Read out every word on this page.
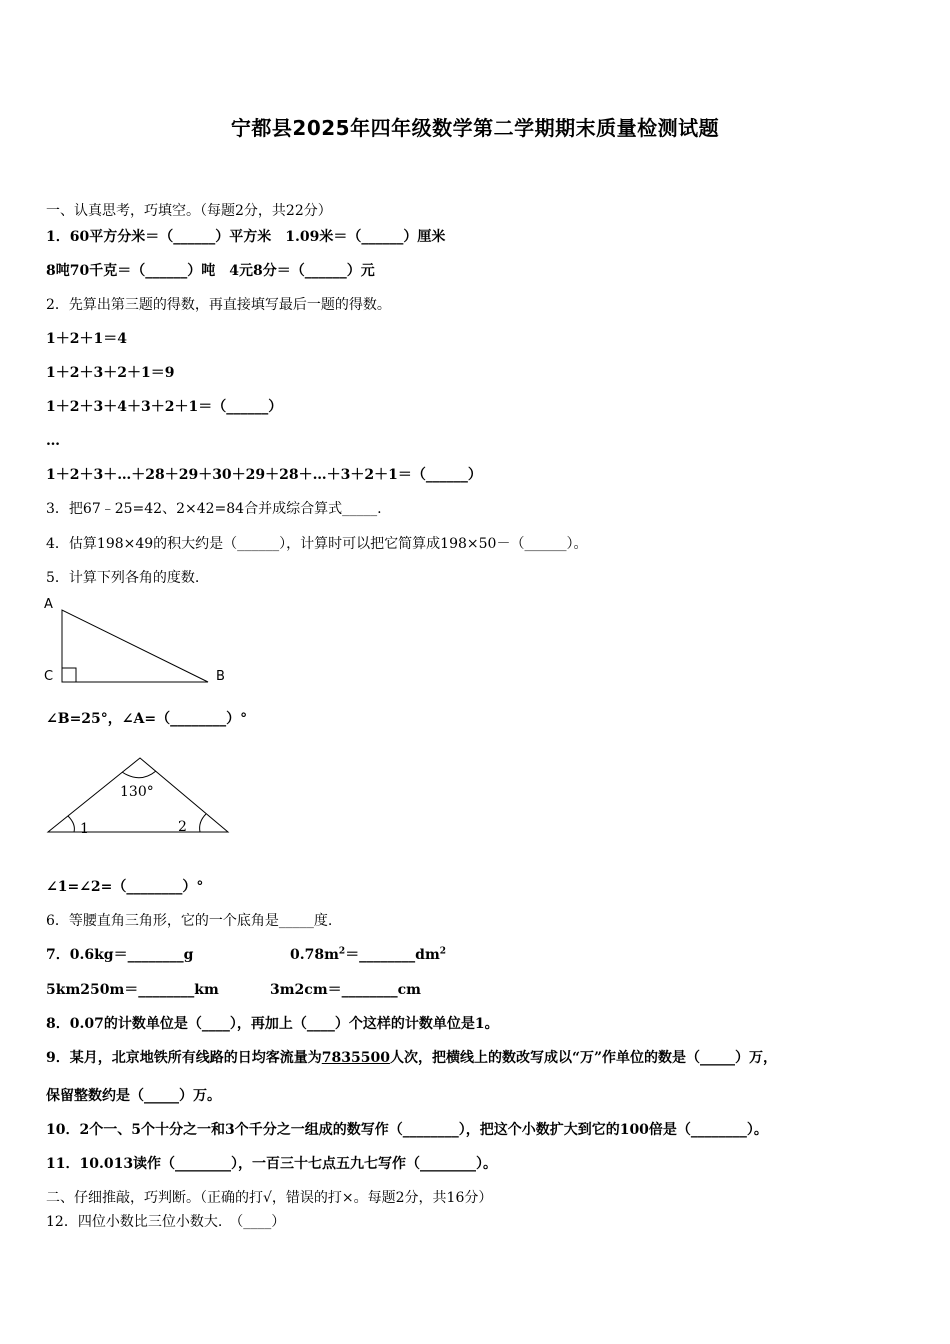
宁都县2025年四年级数学第二学期期末质量检测试题
一、认真思考，巧填空。（每题2分，共22分）
1．60平方分米＝（______）平方米　1.09米＝（______）厘米
8吨70千克＝（______）吨　4元8分＝（______）元
2．先算出第三题的得数，再直接填写最后一题的得数。
1＋2＋1＝4
1＋2＋3＋2＋1＝9
1＋2＋3＋4＋3＋2＋1＝（______）
…
1＋2＋3＋…＋28＋29＋30＋29＋28＋…＋3＋2＋1＝（______）
3．把67﹣25=42、2×42=84合并成综合算式_____.
4．估算198×49的积大约是（______），计算时可以把它简算成198×50－（______）。
5．计算下列各角的度数.
A
C	B
∠B=25°，∠A=（________）°
130°
1	2
∠1=∠2=（________）°
6．等腰直角三角形，它的一个底角是_____度.
7．0.6kg＝________g	$0.78m^2=\_\_\_\_\_\_\_\_dm^2$
5km250m＝________km	3m2cm＝________cm
8．0.07的计数单位是（____），再加上（____）个这样的计数单位是1。
9．某月，北京地铁所有线路的日均客流量为7835500人次，把横线上的数改写成以“万”作单位的数是（_____）万，
保留整数约是（_____）万。
10．2个一、5个十分之一和3个千分之一组成的数写作（________），把这个小数扩大到它的100倍是（________）。
11．10.013读作（________），一百三十七点五九七写作（________）。
二、仔细推敲，巧判断。（正确的打√，错误的打×。每题2分，共16分）
12．四位小数比三位小数大.　（____）
